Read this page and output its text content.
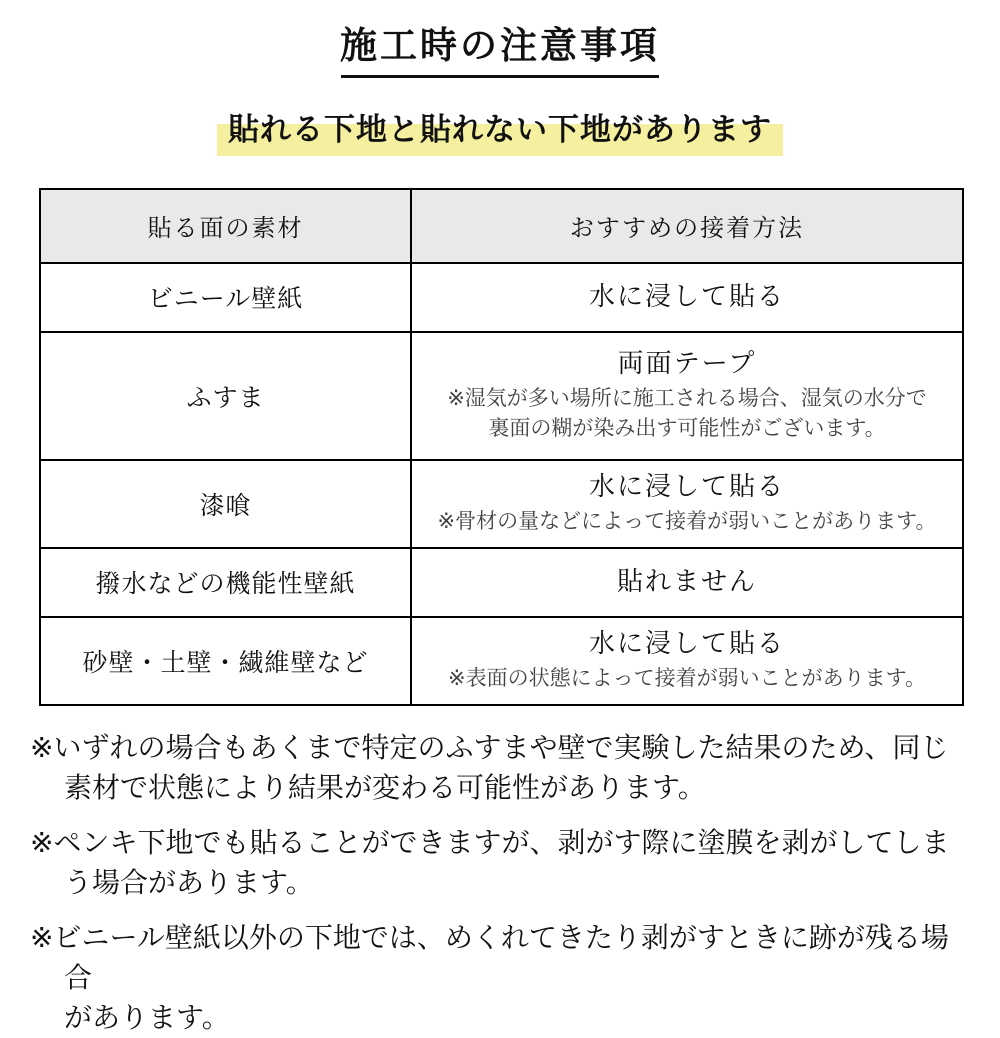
施工時の注意事項
貼れる下地と貼れない下地があります
貼る面の素材	おすすめの接着方法
ビニール壁紙	水に浸して貼る

ふすま	両面テープ
※湿気が多い場所に施工される場合、湿気の水分で
裏面の糊が染み出す可能性がございます。

漆喰	水に浸して貼る
※骨材の量などによって接着が弱いことがあります。

撥水などの機能性壁紙	貼れません

砂壁・土壁・繊維壁など	水に浸して貼る
※表面の状態によって接着が弱いことがあります。

※いずれの場合もあくまで特定のふすまや壁で実験した結果のため、同じ
素材で状態により結果が変わる可能性があります。

※ペンキ下地でも貼ることができますが、剥がす際に塗膜を剥がしてしま
う場合があります。

※ビニール壁紙以外の下地では、めくれてきたり剥がすときに跡が残る場合
があります。
